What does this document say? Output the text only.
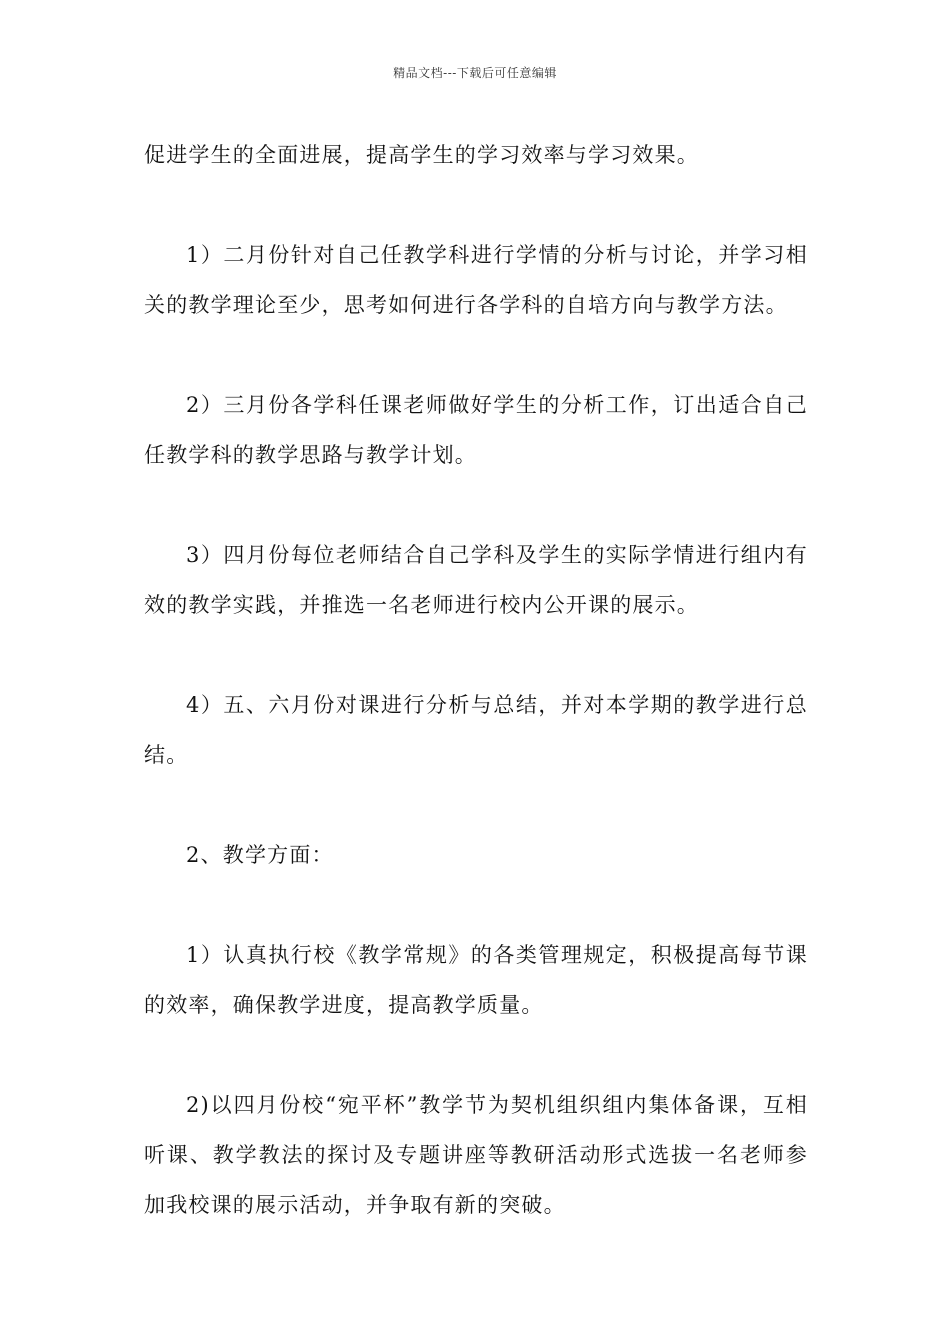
精品文档---下载后可任意编辑

促进学生的全面进展，提高学生的学习效率与学习效果。

1）二月份针对自己任教学科进行学情的分析与讨论，并学习相关的教学理论至少，思考如何进行各学科的自培方向与教学方法。

2）三月份各学科任课老师做好学生的分析工作，订出适合自己任教学科的教学思路与教学计划。

3）四月份每位老师结合自己学科及学生的实际学情进行组内有效的教学实践，并推选一名老师进行校内公开课的展示。

4）五、六月份对课进行分析与总结，并对本学期的教学进行总结。

2、教学方面：

1）认真执行校《教学常规》的各类管理规定，积极提高每节课的效率，确保教学进度，提高教学质量。

2)以四月份校“宛平杯”教学节为契机组织组内集体备课，互相听课、教学教法的探讨及专题讲座等教研活动形式选拔一名老师参加我校课的展示活动，并争取有新的突破。
